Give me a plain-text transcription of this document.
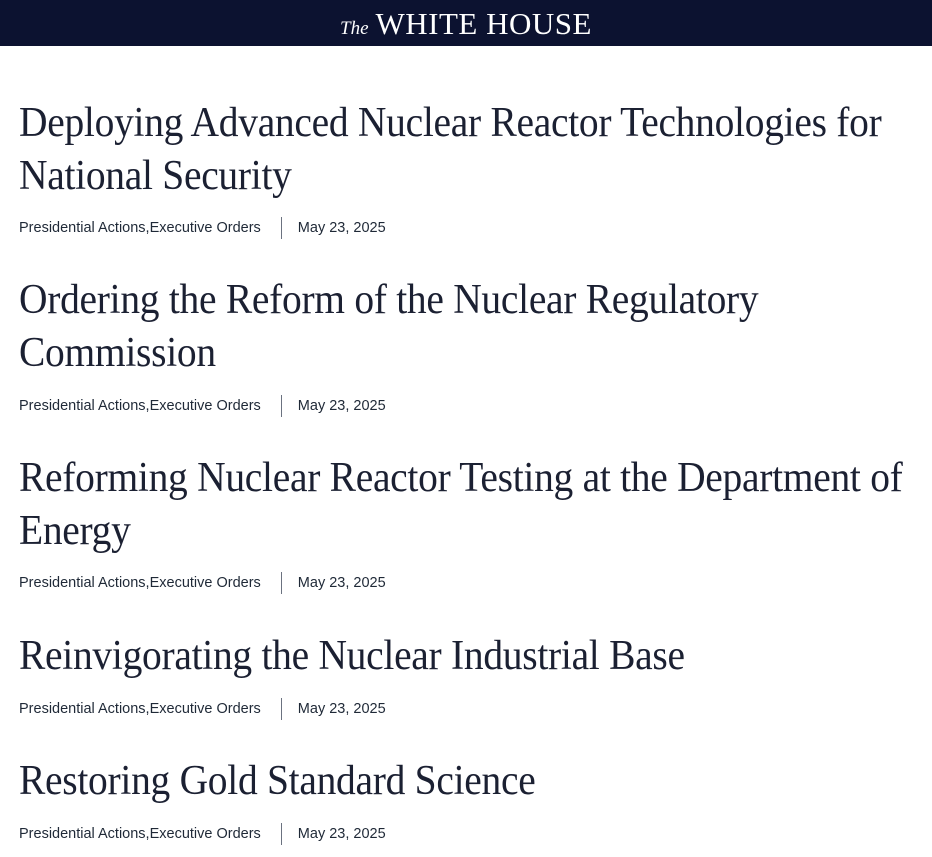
The WHITE HOUSE
Deploying Advanced Nuclear Reactor Technologies for
National Security
Presidential Actions , Executive Orders	May 23, 2025
Ordering the Reform of the Nuclear Regulatory
Commission
Presidential Actions , Executive Orders	May 23, 2025
Reforming Nuclear Reactor Testing at the Department of
Energy
Presidential Actions , Executive Orders	May 23, 2025
Reinvigorating the Nuclear Industrial Base
Presidential Actions , Executive Orders	May 23, 2025
Restoring Gold Standard Science
Presidential Actions , Executive Orders	May 23, 2025
